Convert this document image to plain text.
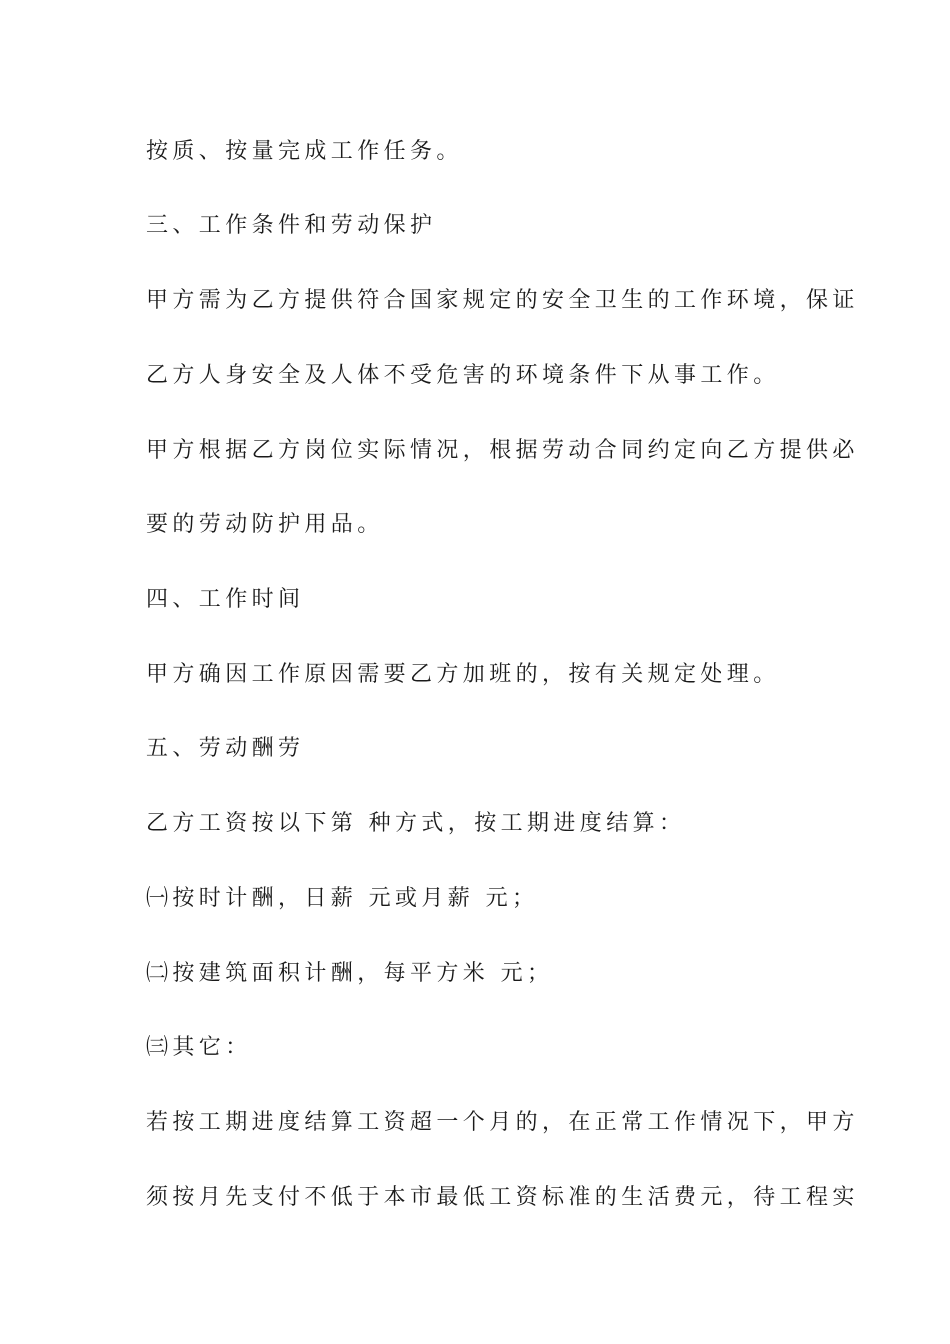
按质、按量完成工作任务。
三、工作条件和劳动保护
甲方需为乙方提供符合国家规定的安全卫生的工作环境，保证
乙方人身安全及人体不受危害的环境条件下从事工作。
甲方根据乙方岗位实际情况，根据劳动合同约定向乙方提供必
要的劳动防护用品。
四、工作时间
甲方确因工作原因需要乙方加班的，按有关规定处理。
五、劳动酬劳
乙方工资按以下第 种方式，按工期进度结算：
㈠按时计酬，日薪 元或月薪 元；
㈡按建筑面积计酬，每平方米 元；
㈢其它：
若按工期进度结算工资超一个月的，在正常工作情况下，甲方
须按月先支付不低于本市最低工资标准的生活费元，待工程实
